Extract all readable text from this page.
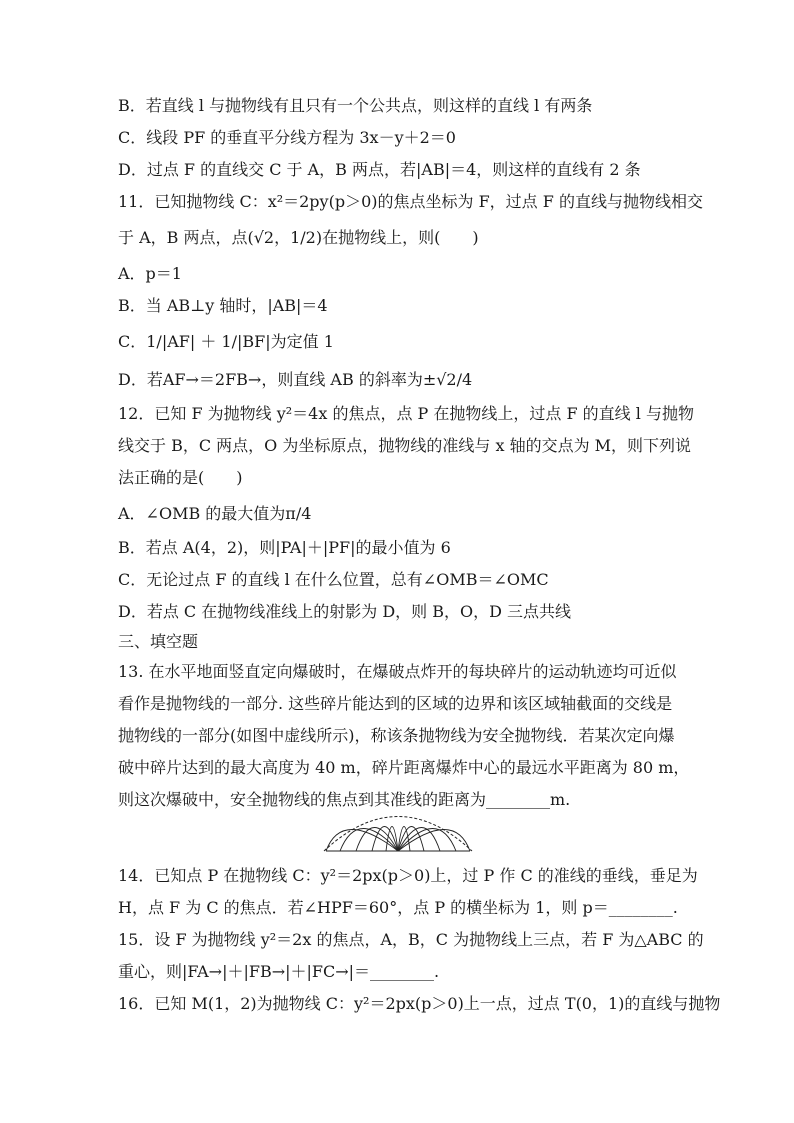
B．若直线 l 与抛物线有且只有一个公共点，则这样的直线 l 有两条
C．线段 PF 的垂直平分线方程为 3x－y＋2＝0
D．过点 F 的直线交 C 于 A，B 两点，若|AB|＝4，则这样的直线有 2 条
11．已知抛物线 C：x²＝2py(p＞0)的焦点坐标为 F，过点 F 的直线与抛物线相交
于 A，B 两点，点(√2，1/2)在抛物线上，则(　　)
A．p＝1
B．当 AB⊥y 轴时，|AB|＝4
C．1/|AF| ＋ 1/|BF|为定值 1
D．若AF→＝2FB→，则直线 AB 的斜率为±√2/4
12．已知 F 为抛物线 y²＝4x 的焦点，点 P 在抛物线上，过点 F 的直线 l 与抛物
线交于 B，C 两点，O 为坐标原点，抛物线的准线与 x 轴的交点为 M，则下列说
法正确的是(　　)
A．∠OMB 的最大值为π/4
B．若点 A(4，2)，则|PA|＋|PF|的最小值为 6
C．无论过点 F 的直线 l 在什么位置，总有∠OMB＝∠OMC
D．若点 C 在抛物线准线上的射影为 D，则 B，O，D 三点共线
三、填空题
13. 在水平地面竖直定向爆破时，在爆破点炸开的每块碎片的运动轨迹均可近似
看作是抛物线的一部分. 这些碎片能达到的区域的边界和该区域轴截面的交线是
抛物线的一部分(如图中虚线所示)，称该条抛物线为安全抛物线．若某次定向爆
破中碎片达到的最大高度为 40 m，碎片距离爆炸中心的最远水平距离为 80 m，
则这次爆破中，安全抛物线的焦点到其准线的距离为________m.
14．已知点 P 在抛物线 C：y²＝2px(p＞0)上，过 P 作 C 的准线的垂线，垂足为
H，点 F 为 C 的焦点．若∠HPF＝60°，点 P 的横坐标为 1，则 p＝________.
15．设 F 为抛物线 y²＝2x 的焦点，A，B，C 为抛物线上三点，若 F 为△ABC 的
重心，则|FA→|＋|FB→|＋|FC→|＝________.
16．已知 M(1，2)为抛物线 C：y²＝2px(p＞0)上一点，过点 T(0，1)的直线与抛物
